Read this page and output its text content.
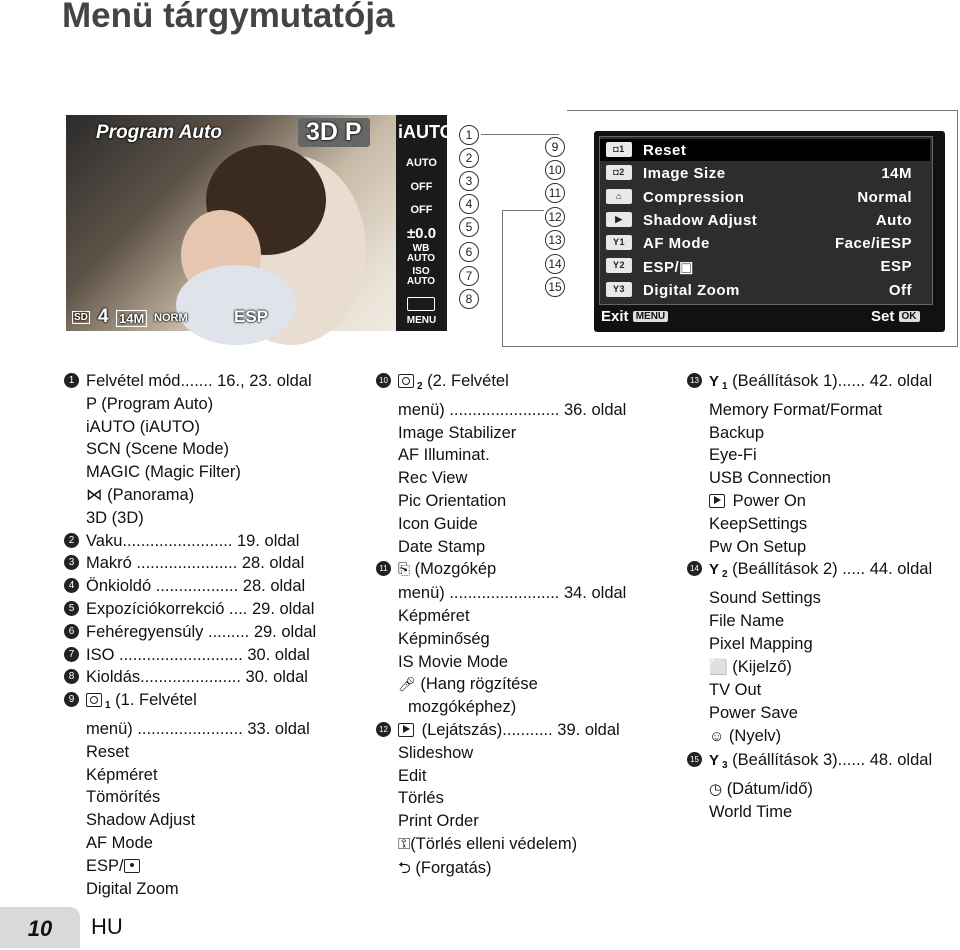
Menü tárgymutatója
Program Auto	3D P
SD 4 14M NORM	ESP
iAUTO
AUTO
OFF
OFF
±0.0
WB AUTO
ISO AUTO
MENU
1
2
3
4
5
6
7
8
9
10
11
12
13
14
15
◘1	Reset
◘2	Image Size	14M
⌂	Compression	Normal
▶	Shadow Adjust	Auto
Y1	AF Mode	Face/iESP
Y2	ESP/▣	ESP
Y3	Digital Zoom	Off
Exit MENU	Set OK
1 Felvétel mód....... 16., 23. oldal
P (Program Auto)
iAUTO (iAUTO)
SCN (Scene Mode)
MAGIC (Magic Filter)
⋈ (Panorama)
3D (3D)
2 Vaku........................ 19. oldal
3 Makró ...................... 28. oldal
4 Önkioldó .................. 28. oldal
5 Expozíciókorrekció .... 29. oldal
6 Fehéregyensúly ......... 29. oldal
7 ISO ........................... 30. oldal
8 Kioldás...................... 30. oldal
9
$_1$ (1. Felvétel
menü) ....................... 33. oldal
Reset
Képméret
Tömörítés
Shadow Adjust
AF Mode
ESP/
Digital Zoom
10
$_2$ (2. Felvétel
menü) ........................ 36. oldal
Image Stabilizer
AF Illuminat.
Rec View
Pic Orientation
Icon Guide
Date Stamp
11 ⎘ (Mozgókép
menü) ........................ 34. oldal
Képméret
Képminőség
IS Movie Mode
🎤︎ (Hang rögzítése
mozgóképhez)
12 (Lejátszás)........... 39. oldal
Slideshow
Edit
Törlés
Print Order
⚿(Törlés elleni védelem)
⮌ (Forgatás)
13 Y $_1$ (Beállítások 1)...... 42. oldal
Memory Format/Format
Backup
Eye-Fi
USB Connection
Power On
KeepSettings
Pw On Setup
14 Y $_2$ (Beállítások 2) ..... 44. oldal
Sound Settings
File Name
Pixel Mapping
⬜ (Kijelző)
TV Out
Power Save
☺ (Nyelv)
15 Y $_3$ (Beállítások 3)...... 48. oldal
◷ (Dátum/idő)
World Time
10	HU
